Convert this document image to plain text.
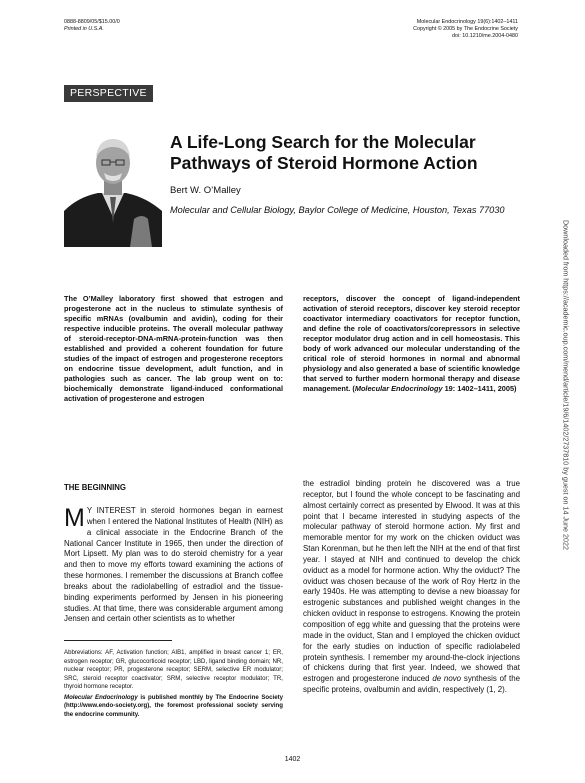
0888-8809/05/$15.00/0
Printed in U.S.A.
Molecular Endocrinology 19(6):1402–1411
Copyright © 2005 by The Endocrine Society
doi: 10.1210/me.2004-0480
PERSPECTIVE
A Life-Long Search for the Molecular Pathways of Steroid Hormone Action
Bert W. O’Malley
Molecular and Cellular Biology, Baylor College of Medicine, Houston, Texas 77030
The O’Malley laboratory first showed that estrogen and progesterone act in the nucleus to stimulate synthesis of specific mRNAs (ovalbumin and avidin), coding for their respective inducible proteins. The overall molecular pathway of steroid-receptor-DNA-mRNA-protein-function was then established and provided a coherent foundation for future studies of the impact of estrogen and progesterone receptors on endocrine tissue development, adult function, and in pathologies such as cancer. The lab group went on to: biochemically demonstrate ligand-induced conformational activation of progesterone and estrogen
receptors, discover the concept of ligand-independent activation of steroid receptors, discover key steroid receptor coactivator intermediary coactivators for receptor function, and define the role of coactivators/corepressors in selective receptor modulator drug action and in cell homeostasis. This body of work advanced our molecular understanding of the critical role of steroid hormones in normal and abnormal physiology and also generated a base of scientific knowledge that served to further modern hormonal therapy and disease management. (Molecular Endocrinology 19: 1402–1411, 2005)
THE BEGINNING
M Y INTEREST in steroid hormones began in earnest when I entered the National Institutes of Health (NIH) as a clinical associate in the Endocrine Branch of the National Cancer Institute in 1965, then under the direction of Mort Lipsett. My plan was to do steroid chemistry for a year and then to move my efforts toward examining the actions of these hormones. I remember the discussions at Branch coffee breaks about the radiolabelling of estradiol and the tissue-binding experiments performed by Jensen in his pioneering studies. At that time, there was considerable argument among Jensen and certain other scientists as to whether
Abbreviations: AF, Activation function; AIB1, amplified in breast cancer 1; ER, estrogen receptor; GR, glucocorticoid receptor; LBD, ligand binding domain; NR, nuclear receptor; PR, progesterone receptor; SERM, selective ER modulator; SRC, steroid receptor coactivator; SRM, selective receptor modulator; TR, thyroid hormone receptor.
Molecular Endocrinology is published monthly by The Endocrine Society (http://www.endo-society.org), the foremost professional society serving the endocrine community.
the estradiol binding protein he discovered was a true receptor, but I found the whole concept to be fascinating and almost certainly correct as presented by Elwood. It was at this point that I became interested in studying aspects of the molecular pathway of steroid hormone action. My first and memorable mentor for my work on the chicken oviduct was Stan Korenman, but he then left the NIH at the end of that first year. I stayed at NIH and continued to develop the chick oviduct as a model for hormone action. Why the oviduct? The oviduct was chosen because of the work of Roy Hertz in the early 1940s. He was attempting to devise a new bioassay for estrogenic substances and published weight changes in the chicken oviduct in response to estrogens. Knowing the protein composition of egg white and guessing that the proteins were made in the oviduct, Stan and I employed the chicken oviduct for the early studies on induction of specific radiolabeled protein synthesis. I remember my around-the-clock injections of chickens during that first year. Indeed, we showed that estrogen and progesterone induced de novo synthesis of the specific proteins, ovalbumin and avidin, respectively (1, 2).
1402
Downloaded from https://academic.oup.com/mend/article/19/6/1402/2737810 by guest on 14 June 2022
